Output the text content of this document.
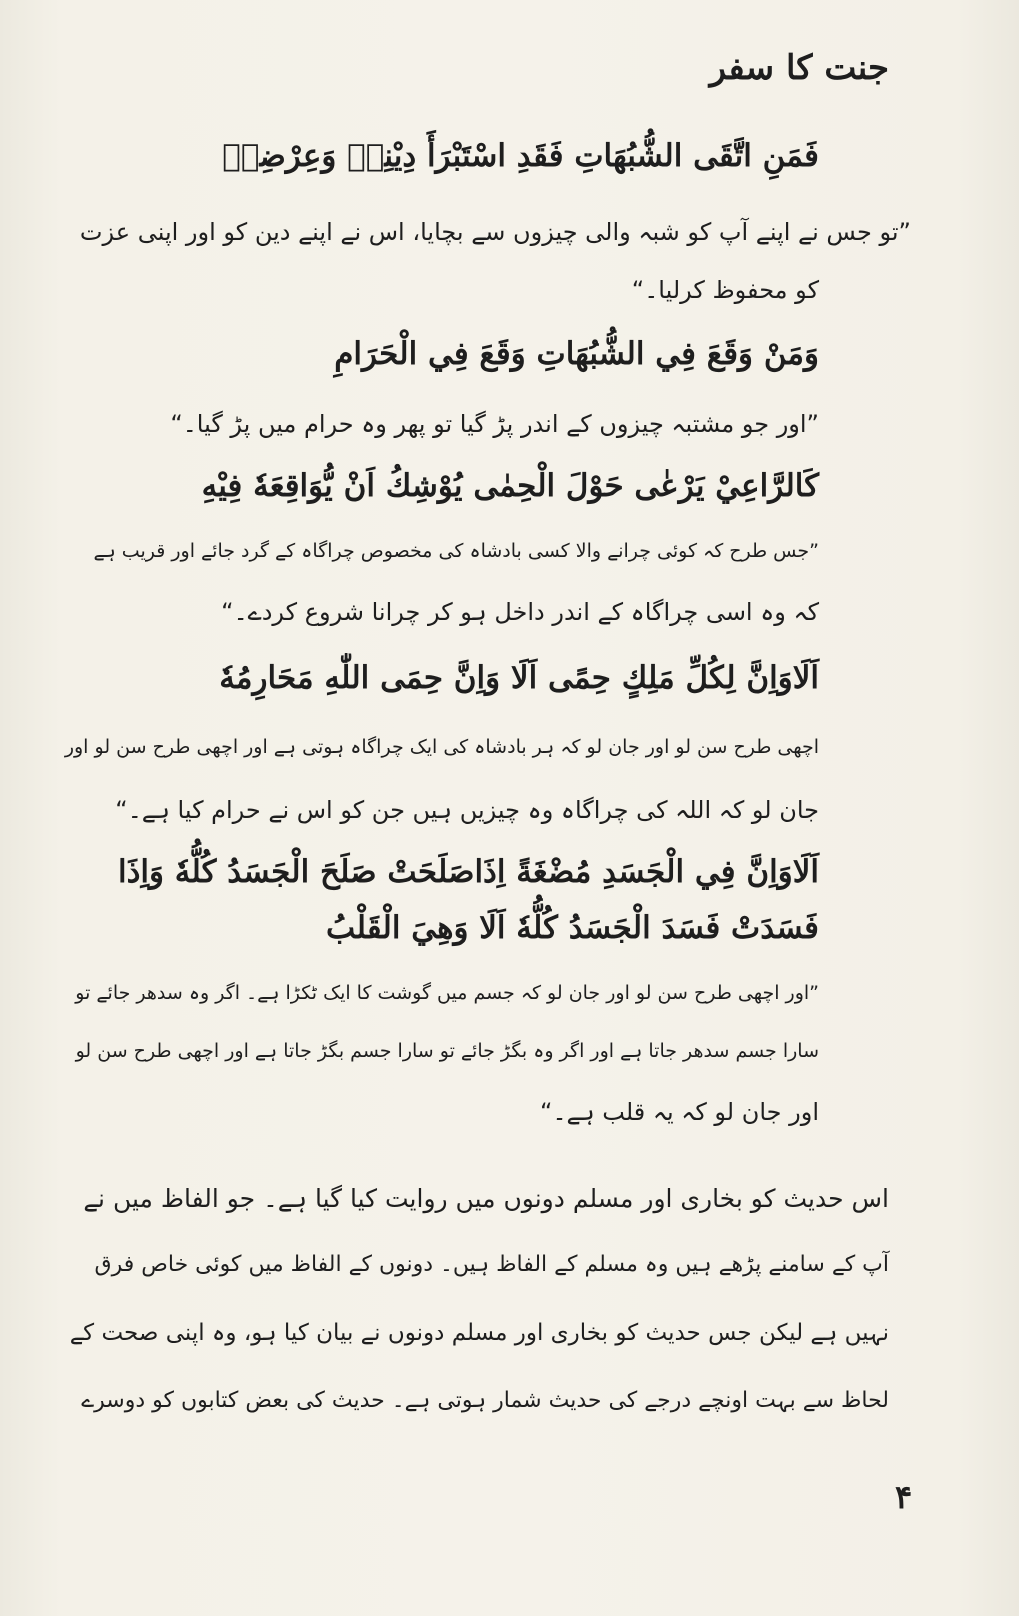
جنت کا سفر
فَمَنِ اتَّقَى الشُّبُهَاتِ فَقَدِ اسْتَبْرَأَ دِيْنِهٖ وَعِرْضِهٖ
”تو جس نے اپنے آپ کو شبہ والی چیزوں سے بچایا، اس نے اپنے دین کو اور اپنی عزت
کو محفوظ کرلیا۔“
وَمَنْ وَقَعَ فِي الشُّبُهَاتِ وَقَعَ فِي الْحَرَامِ
”اور جو مشتبہ چیزوں کے اندر پڑ گیا تو پھر وہ حرام میں پڑ گیا۔“
كَالرَّاعِيْ يَرْعٰى حَوْلَ الْحِمٰى يُوْشِكُ اَنْ يُّوَاقِعَهٗ فِيْهِ
”جس طرح کہ کوئی چرانے والا کسی بادشاہ کی مخصوص چراگاہ کے گرد جائے اور قریب ہے
کہ وہ اسی چراگاہ کے اندر داخل ہو کر چرانا شروع کردے۔“
اَلَاوَاِنَّ لِكُلِّ مَلِكٍ حِمًى اَلَا وَاِنَّ حِمَى اللّٰهِ مَحَارِمُهٗ
اچھی طرح سن لو اور جان لو کہ ہر بادشاہ کی ایک چراگاہ ہوتی ہے اور اچھی طرح سن لو اور
جان لو کہ اللہ کی چراگاہ وہ چیزیں ہیں جن کو اس نے حرام کیا ہے۔“
اَلَاوَاِنَّ فِي الْجَسَدِ مُضْغَةً اِذَاصَلَحَتْ صَلَحَ الْجَسَدُ كُلُّهٗ وَاِذَا
فَسَدَتْ فَسَدَ الْجَسَدُ كُلُّهٗ اَلَا وَهِيَ الْقَلْبُ
”اور اچھی طرح سن لو اور جان لو کہ جسم میں گوشت کا ایک ٹکڑا ہے۔ اگر وہ سدھر جائے تو
سارا جسم سدھر جاتا ہے اور اگر وہ بگڑ جائے تو سارا جسم بگڑ جاتا ہے اور اچھی طرح سن لو
اور جان لو کہ یہ قلب ہے۔“
اس حدیث کو بخاری اور مسلم دونوں میں روایت کیا گیا ہے۔ جو الفاظ میں نے
آپ کے سامنے پڑھے ہیں وہ مسلم کے الفاظ ہیں۔ دونوں کے الفاظ میں کوئی خاص فرق
نہیں ہے لیکن جس حدیث کو بخاری اور مسلم دونوں نے بیان کیا ہو، وہ اپنی صحت کے
لحاظ سے بہت اونچے درجے کی حدیث شمار ہوتی ہے۔ حدیث کی بعض کتابوں کو دوسرے
۴
